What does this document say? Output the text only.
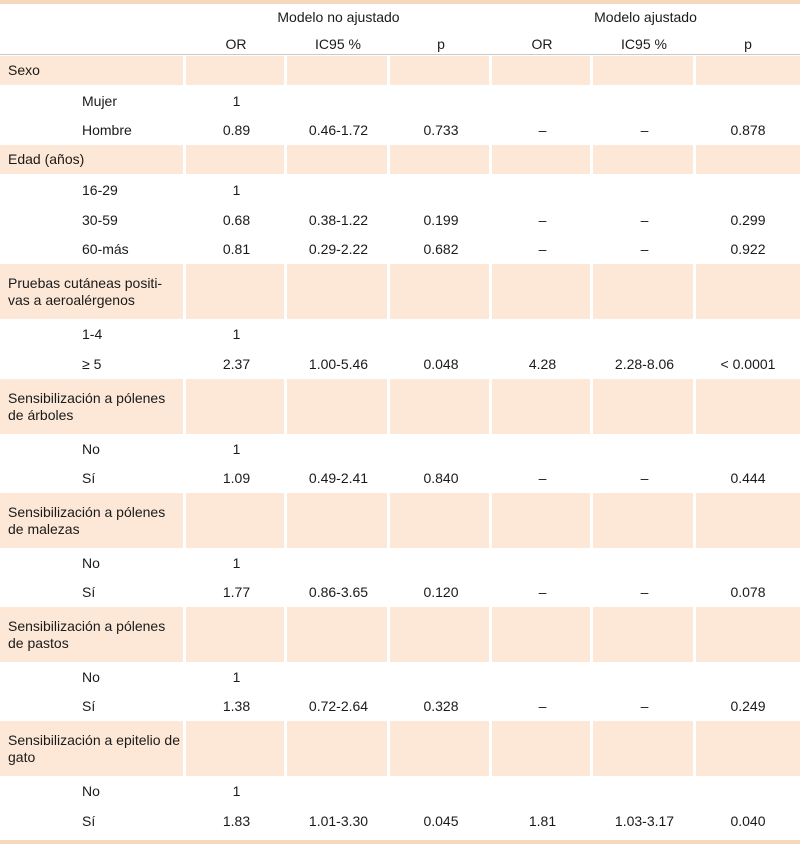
Modelo no ajustado	Modelo ajustado
OR	IC95 %	p	OR	IC95 %	p
Sexo						
Mujer	1					
Hombre	0.89	0.46-1.72	0.733	–	–	0.878
Edad (años)						
16-29	1					
30-59	0.68	0.38-1.22	0.199	–	–	0.299
60-más	0.81	0.29-2.22	0.682	–	–	0.922
Pruebas cutáneas positi-vas a aeroalérgenos						
1-4	1					
≥ 5	2.37	1.00-5.46	0.048	4.28	2.28-8.06	< 0.0001
Sensibilización a pólenes de árboles						
No	1					
Sí	1.09	0.49-2.41	0.840	–	–	0.444
Sensibilización a pólenes de malezas						
No	1					
Sí	1.77	0.86-3.65	0.120	–	–	0.078
Sensibilización a pólenes de pastos						
No	1					
Sí	1.38	0.72-2.64	0.328	–	–	0.249
Sensibilización a epitelio de gato						
No	1					
Sí	1.83	1.01-3.30	0.045	1.81	1.03-3.17	0.040
